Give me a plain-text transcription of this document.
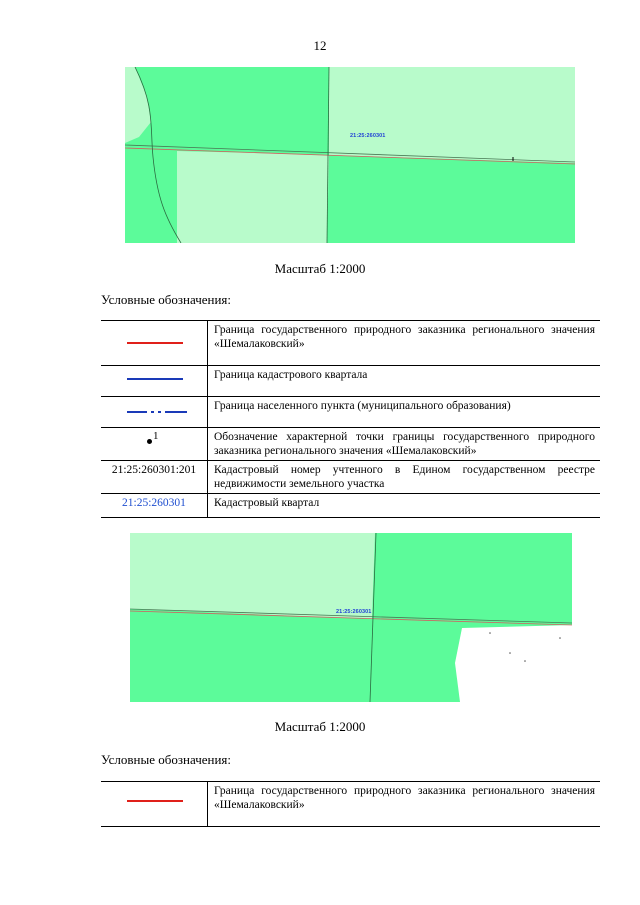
12
21:25:260301
Масштаб 1:2000
Условные обозначения:
	Граница государственного природного заказника регионального значения «Шемалаковский»

	Граница кадастрового квартала

	Граница населенного пункта (муниципального образования)

1	Обозначение характерной точки границы государственного природного заказника регионального значения «Шемалаковский»

21:25:260301:201	Кадастровый номер учтенного в Едином государственном реестре недвижимости земельного участка

21:25:260301	Кадастровый квартал
21:25:260301
Масштаб 1:2000
Условные обозначения:
	Граница государственного природного заказника регионального значения «Шемалаковский»
